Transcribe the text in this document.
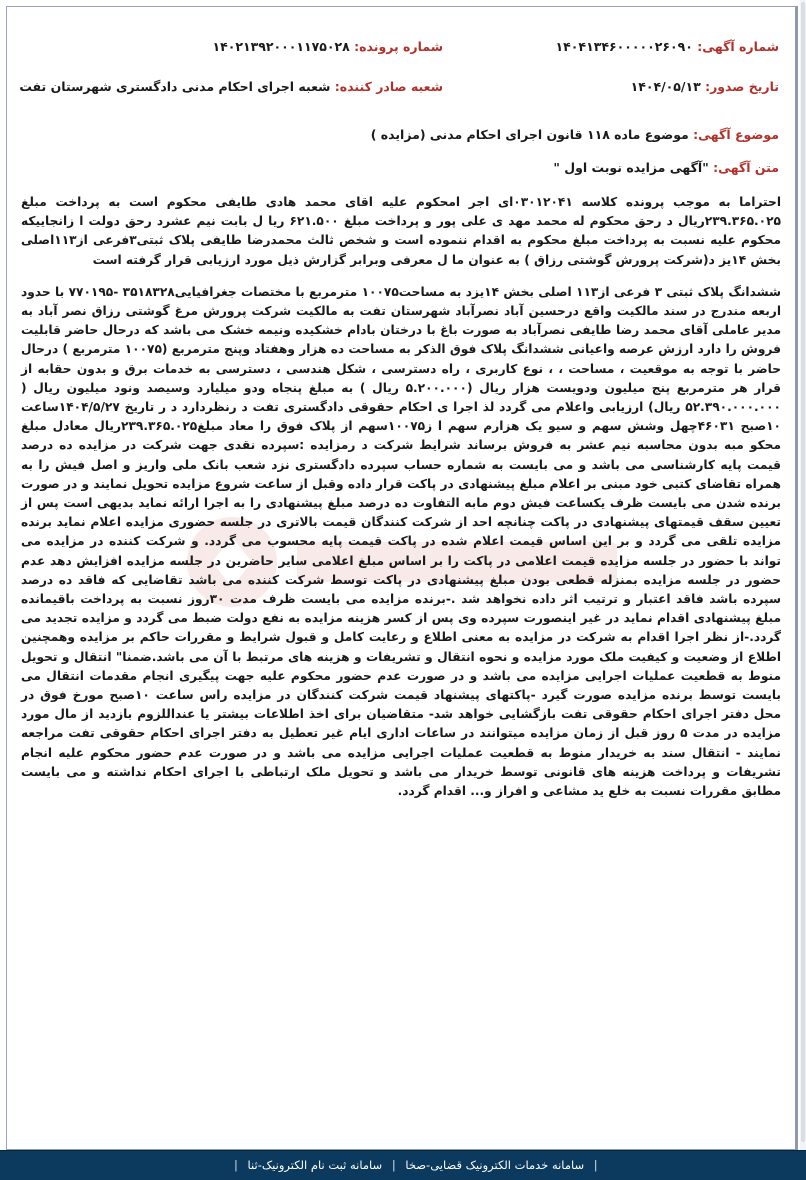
شماره آگهی: ۱۴۰۴۱۳۴۶۰۰۰۰۰۲۶۰۹۰
شماره پرونده: ۱۴۰۲۱۳۹۲۰۰۰۱۱۷۵۰۲۸
تاریخ صدور: ۱۴۰۴/۰۵/۱۳
شعبه صادر کننده: شعبه اجرای احکام مدنی دادگستری شهرستان تفت
موضوع آگهی: موضوع ماده ۱۱۸ قانون اجرای احکام مدنی (مزایده )
متن آگهی: "آگهی مزایده نوبت اول "

احتراما به موجب پرونده کلاسه ۰۳۰۱۲۰۴۱ای اجر امحکوم علیه اقای محمد هادی طایفی محکوم است به پرداخت مبلغ ۲۳۹.۳۶۵.۰۲۵ریال د رحق محکوم له محمد مهد ی علی پور و پرداخت مبلغ ۶۲۱.۵۰۰ ریا ل بابت نیم عشرد رحق دولت ا زانجاییکه محکوم علیه نسبت به پرداخت مبلغ محکوم به اقدام ننموده است و شخص ثالث محمدرضا طایفی پلاک ثبتی۳فرعی از۱۱۳اصلی بخش ۱۴یز د(شرکت پرورش گوشتی رزاق ) به عنوان ما ل معرفی وبرابر گزارش ذیل مورد ارزیابی قرار گرفته است

ششدانگ پلاک ثبتی ۳ فرعی از۱۱۳ اصلی بخش ۱۴یزد به مساحت۱۰۰۷۵ مترمربع با مختصات جغرافیایی۳۵۱۸۳۲۸ -۷۷۰۱۹۵ با حدود اربعه مندرج در سند مالکیت واقع درحسین آباد نصرآباد شهرستان تفت به مالکیت شرکت پرورش مرغ گوشتی رزاق نصر آباد به مدیر عاملی آقای محمد رضا طایفی نصرآباد به صورت باغ با درختان بادام خشکیده ونیمه خشک می باشد که درحال حاضر قابلیت فروش را دارد ارزش عرصه واعیانی ششدانگ پلاک فوق الذکر به مساحت ده هزار وهفتاد وپنج مترمربع (۱۰۰۷۵ مترمربع ) درحال حاضر با توجه به موقعیت ، مساحت ، ، نوع کاربری ، راه دسترسی ، شکل هندسی ، دسترسی به خدمات برق و بدون حقابه از قرار هر مترمربع پنج میلیون ودویست هزار ریال (۵.۲۰۰.۰۰۰ ریال ) به مبلغ پنجاه ودو میلیارد وسیصد ونود میلیون ریال ( ۵۲.۳۹۰.۰۰۰.۰۰۰ ریال) ارزیابی واعلام می گردد لذ اجرا ی احکام حقوقی دادگستری تفت د رنظردارد د ر تاریخ ۱۴۰۴/۵/۲۷ساعت ۱۰صبح ۴۶۰۳۱چهل وشش سهم و سیو یک هزارم سهم ا ز۱۰۰۷۵سهم از پلاک فوق را معاد مبلغ۲۳۹.۳۶۵.۰۲۵ریال معادل مبلغ محکو مبه بدون محاسبه نیم عشر به فروش برساند شرایط شرکت د رمزایده :سپرده نقدی جهت شرکت در مزایده ده درصد قیمت پایه کارشناسی می باشد و می بایست به شماره حساب سپرده دادگستری نزد شعب بانک ملی واریز و اصل فیش را به همراه تقاضای کتبی خود مبنی بر اعلام مبلغ پیشنهادی در پاکت قرار داده وقبل از ساعت شروع مزایده تحویل نمایند و در صورت برنده شدن می بایست ظرف یکساعت فیش دوم مابه التفاوت ده درصد مبلغ پیشنهادی را به اجرا ارائه نماید بدیهی است پس از تعیین سقف قیمتهای پیشنهادی در پاکت چنانچه احد از شرکت کنندگان قیمت بالاتری در جلسه حضوری مزایده اعلام نماید برنده مزایده تلقی می گردد و بر این اساس قیمت اعلام شده در پاکت قیمت پایه محسوب می گردد. و شرکت کننده در مزایده می تواند با حضور در جلسه مزایده قیمت اعلامی در پاکت را بر اساس مبلغ اعلامی سایر حاضرین در جلسه مزایده افزایش دهد عدم حضور در جلسه مزایده بمنزله قطعی بودن مبلغ پیشنهادی در پاکت توسط شرکت کننده می باشد تقاضایی که فاقد ده درصد سپرده باشد فاقد اعتبار و ترتیب اثر داده نخواهد شد .-برنده مزایده می بایست ظرف مدت ۳۰روز نسبت به پرداخت باقیمانده مبلغ پیشنهادی اقدام نماید در غیر اینصورت سپرده وی پس از کسر هزینه مزایده به نفع دولت ضبط می گردد و مزایده تجدید می گردد.-از نظر اجرا اقدام به شرکت در مزایده به معنی اطلاع و رعایت کامل و قبول شرایط و مقررات حاکم بر مزایده وهمچنین اطلاع از وضعیت و کیفیت ملک مورد مزایده و نحوه انتقال و تشریفات و هزینه های مرتبط با آن می باشد.ضمنا" انتقال و تحویل منوط به قطعیت عملیات اجرایی مزایده می باشد و در صورت عدم حضور محکوم علیه جهت پیگیری انجام مقدمات انتقال می بایست توسط برنده مزایده صورت گیرد -پاکتهای پیشنهاد قیمت شرکت کنندگان در مزایده راس ساعت ۱۰صبح مورخ فوق در محل دفتر اجرای احکام حقوقی تفت بازگشایی خواهد شد- متقاضیان برای اخذ اطلاعات بیشتر یا عنداللزوم بازدید از مال مورد مزایده در مدت ۵ روز قبل از زمان مزایده میتوانند در ساعات اداری ایام غیر تعطیل به دفتر اجرای احکام حقوقی تفت مراجعه نمایند - انتقال سند به خریدار منوط به قطعیت عملیات اجرایی مزایده می باشد و در صورت عدم حضور محکوم علیه انجام تشریفات و پرداخت هزینه های قانونی توسط خریدار می باشد و تحویل ملک ارتباطی با اجرای احکام نداشته و می بایست مطابق مقررات نسبت به خلع ید مشاعی و افراز و... اقدام گردد.

| سامانه خدمات الکترونیک قضایی-صخا | سامانه ثبت نام الکترونیک-ثنا |
